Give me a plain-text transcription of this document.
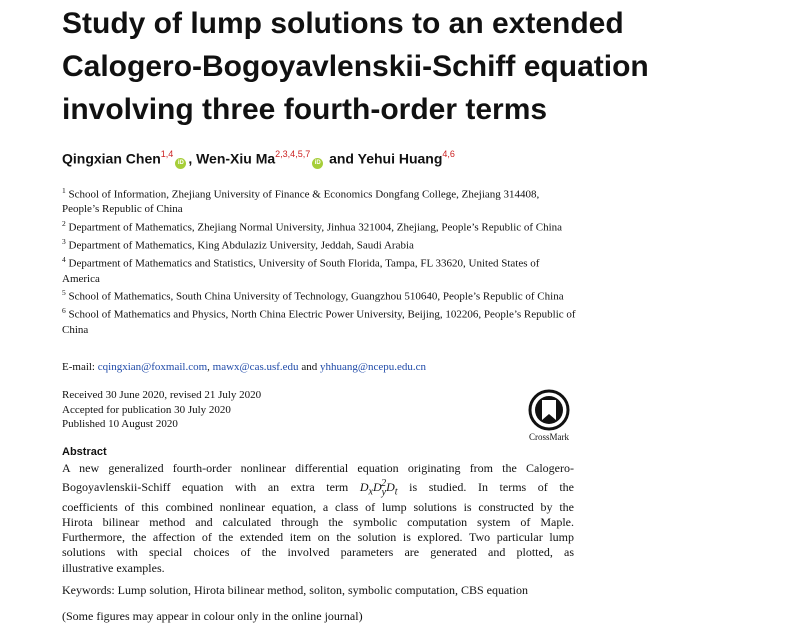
Study of lump solutions to an extended
Calogero-Bogoyavlenskii-Schiff equation
involving three fourth-order terms
Qingxian Chen$^{1,4}$iD , Wen-Xiu Ma$^{2,3,4,5,7}$iD and Yehui Huang$^{4,6}$

$^1$ School of Information, Zhejiang University of Finance & Economics Dongfang College, Zhejiang 314408, People’s Republic of China

$^2$ Department of Mathematics, Zhejiang Normal University, Jinhua 321004, Zhejiang, People’s Republic of China

$^3$ Department of Mathematics, King Abdulaziz University, Jeddah, Saudi Arabia

$^4$ Department of Mathematics and Statistics, University of South Florida, Tampa, FL 33620, United States of America

$^5$ School of Mathematics, South China University of Technology, Guangzhou 510640, People’s Republic of China

$^6$ School of Mathematics and Physics, North China Electric Power University, Beijing, 102206, People’s Republic of China

E-mail: cqingxian@foxmail.com, mawx@cas.usf.edu and yhhuang@ncepu.edu.cn
Received 30 June 2020, revised 21 July 2020
Accepted for publication 30 July 2020
Published 10 August 2020
CrossMark
Abstract
A new generalized fourth-order nonlinear differential equation originating from the Calogero-
Bogoyavlenskii-Schiff equation with an extra term $D_xD_y^2D_t$ is studied. In terms of the
coefficients of this combined nonlinear equation, a class of lump solutions is constructed by the
Hirota bilinear method and calculated through the symbolic computation system of Maple.
Furthermore, the affection of the extended item on the solution is explored. Two particular lump
solutions with special choices of the involved parameters are generated and plotted, as
illustrative examples.
Keywords: Lump solution, Hirota bilinear method, soliton, symbolic computation, CBS equation
(Some figures may appear in colour only in the online journal)
